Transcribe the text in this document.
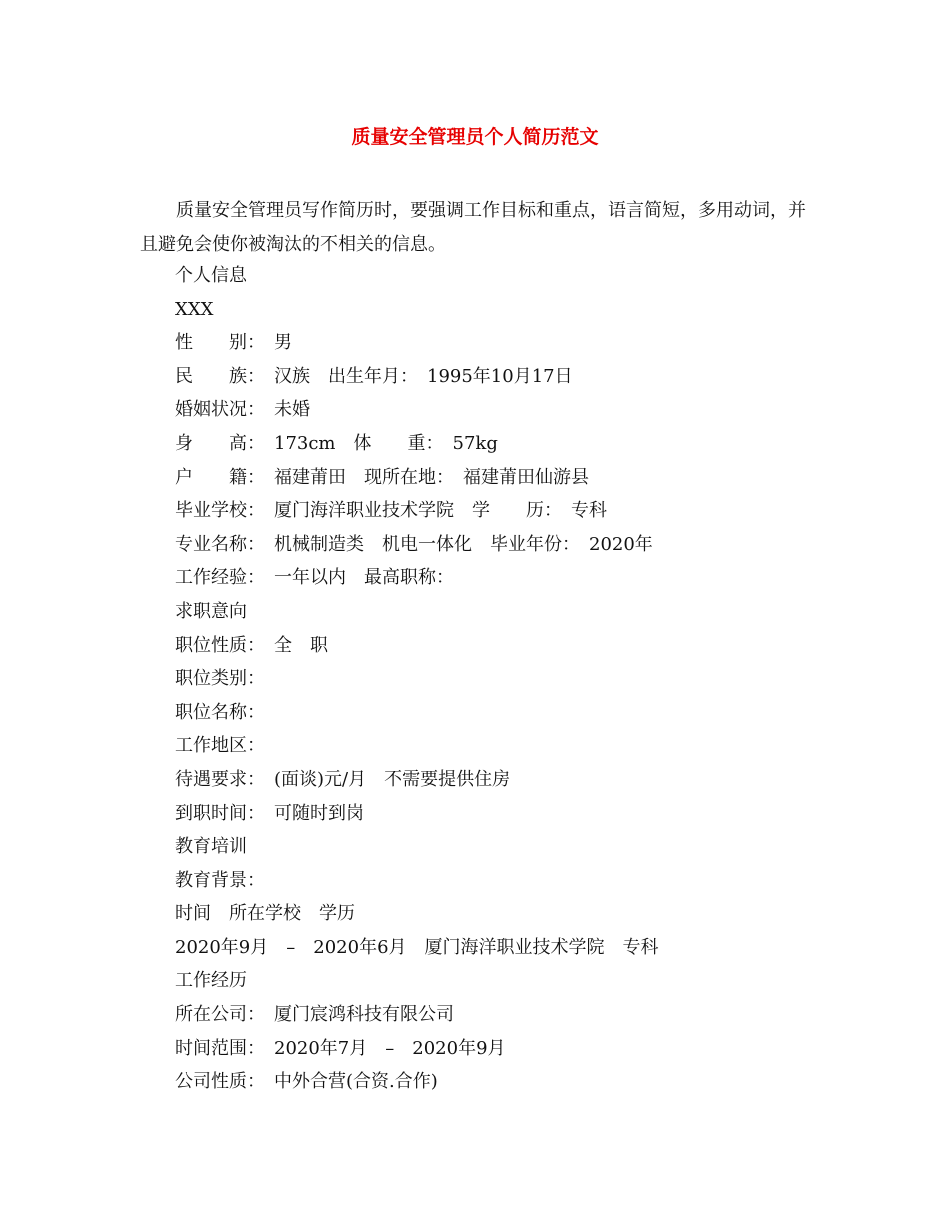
质量安全管理员个人简历范文
质量安全管理员写作简历时，要强调工作目标和重点，语言简短，多用动词，并且避免会使你被淘汰的不相关的信息。
个人信息
XXX
性　　别：　男
民　　族：　汉族　出生年月：　1995年10月17日
婚姻状况：　未婚
身　　高：　173cm　体　　重：　57kg
户　　籍：　福建莆田　现所在地：　福建莆田仙游县
毕业学校：　厦门海洋职业技术学院　学　　历：　专科
专业名称：　机械制造类　机电一体化　毕业年份：　2020年
工作经验：　一年以内　最高职称：
求职意向
职位性质：　全　职
职位类别：
职位名称：
工作地区：
待遇要求：　(面谈)元/月　不需要提供住房
到职时间：　可随时到岗
教育培训
教育背景：
时间　所在学校　学历
2020年9月　–　2020年6月　厦门海洋职业技术学院　专科
工作经历
所在公司：　厦门宸鸿科技有限公司
时间范围：　2020年7月　–　2020年9月
公司性质：　中外合营(合资.合作)
